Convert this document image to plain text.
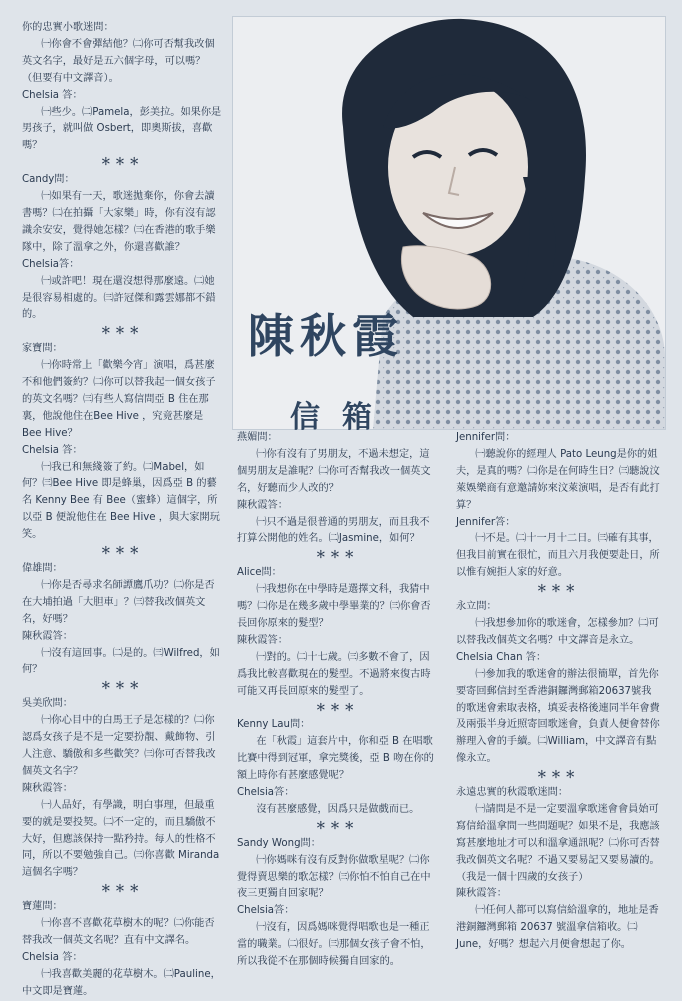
你的忠實小歌迷問：

㈠你會不會彈結他？㈡你可否幫我改個英文名字，最好是五六個字母，可以嗎？（但要有中文譯音）。

Chelsia 答：

㈠些少。㈡Pamela，彭美拉。如果你是男孩子，就叫做 Osbert，即奧斯拔，喜歡嗎？

＊＊＊

Candy問：

㈠如果有一天，歌迷拋棄你，你會去讀書嗎？㈡在拍攝「大家樂」時，你有沒有認識余安安，覺得她怎樣？㈢在香港的歌手樂隊中，除了溫拿之外，你還喜歡誰？

Chelsia答：

㈠或許吧！現在還沒想得那麼遠。㈡她是很容易相處的。㈢許冠傑和露雲娜都不錯的。

＊＊＊

家寶問：

㈠你時常上「歡樂今宵」演唱，爲甚麼不和他們簽約？㈡你可以替我起一個女孩子的英文名嗎？㈢有些人寫信問亞 B 住在那裏，他說他住在Bee Hive ，究竟甚麼是Bee Hive？

Chelsia 答：

㈠我已和無綫簽了約。㈡Mabel，如何？㈢Bee Hive 即是蜂巢，因爲亞 B 的藝名 Kenny Bee 有 Bee（蜜蜂）這個字，所以亞 B 便說他住在 Bee Hive ，與大家開玩笑。

＊＊＊

偉雄問：

㈠你是否尋求名師譚鷹爪功？㈡你是否在大埔拍過「大胆車」？㈢替我改個英文名，好嗎？

陳秋霞答：

㈠沒有這回事。㈡是的。㈢Wilfred，如何？

＊＊＊

吳美欣問：

㈠你心目中的白馬王子是怎樣的？㈡你認爲女孩子是不是一定要扮靚、戴飾物、引人注意、驕傲和多些歡笑？㈢你可否替我改個英文名字？

陳秋霞答：

㈠人品好，有學識，明白事理，但最重要的就是要投契。㈡不一定的，而且驕傲不大好，但應該保持一點矜持。每人的性格不同，所以不要勉強自己。㈢你喜歡 Miranda 這個名字嗎？

＊＊＊

寶蓮問：

㈠你喜不喜歡花草樹木的呢？㈡你能否替我改一個英文名呢？直有中文譯名。

Chelsia 答：

㈠我喜歡美麗的花草樹木。㈡Pauline，中文即是寶蓮。

陳秋霞
信箱

燕媚問：

㈠你有沒有了男朋友，不過未想定，這個男朋友是誰呢？㈡你可否幫我改一個英文名，好聽而少人改的？

陳秋霞答：

㈠只不過是很普通的男朋友，而且我不打算公開他的姓名。㈡Jasmine，如何？

＊＊＊

Alice問：

㈠我想你在中學時是選擇文科，我猜中嗎？㈡你是在幾多歲中學畢業的？㈢你會否長回你原來的髮型？

陳秋霞答：

㈠對的。㈡十七歲。㈢多數不會了，因爲我比較喜歡現在的髮型。不過將來復古時可能又再長回原來的髮型了。

＊＊＊

Kenny Lau問：

在「秋霞」這套片中，你和亞 B 在唱歌比賽中得到冠軍，拿完獎後，亞 B 吻在你的額上時你有甚麼感覺呢？

Chelsia答：

沒有甚麼感覺，因爲只是做戲而已。

＊＊＊

Sandy Wong問：

㈠你媽咪有沒有反對你做歌星呢？㈡你覺得賣思樂的歌怎樣？㈢你怕不怕自己在中夜三更獨自回家呢？

Chelsia答：

㈠沒有，因爲媽咪覺得唱歌也是一種正當的職業。㈡很好。㈢那個女孩子會不怕，所以我從不在那個時候獨自回家的。

Jennifer問：

㈠聽說你的經理人 Pato Leung是你的姐夫，是真的嗎？㈡你是在何時生日？㈢聽說汶萊娛樂商有意邀請妳來汶萊演唱，是否有此打算？

Jennifer答：

㈠不是。㈡十一月十二日。㈢確有其事，但我目前實在很忙，而且六月我便要赴日，所以惟有婉拒人家的好意。

＊＊＊

永立問：

㈠我想參加你的歌迷會，怎樣參加？㈡可以替我改個英文名嗎？中文譯音是永立。

Chelsia Chan 答：

㈠參加我的歌迷會的辦法很簡單，首先你要寄回郵信封至香港銅鑼灣郵箱20637號我的歌迷會索取表格，填妥表格後連同半年會費及兩張半身近照寄回歌迷會，負責人便會替你辦理入會的手續。㈡William，中文譯音有點像永立。

＊＊＊

永遠忠實的秋霞歌迷問：

㈠請問是不是一定要溫拿歌迷會會員始可寫信給溫拿問一些問題呢？如果不是，我應該寫甚麼地址才可以和溫拿通訊呢？㈡你可否替我改個英文名呢？不過又要易記又要易讀的。（我是一個十四歲的女孩子）

陳秋霞答：

㈠任何人都可以寫信給溫拿的，地址是香港銅鑼灣郵箱 20637 號溫拿信箱收。㈡June，好嗎？想起六月便會想起了你。
